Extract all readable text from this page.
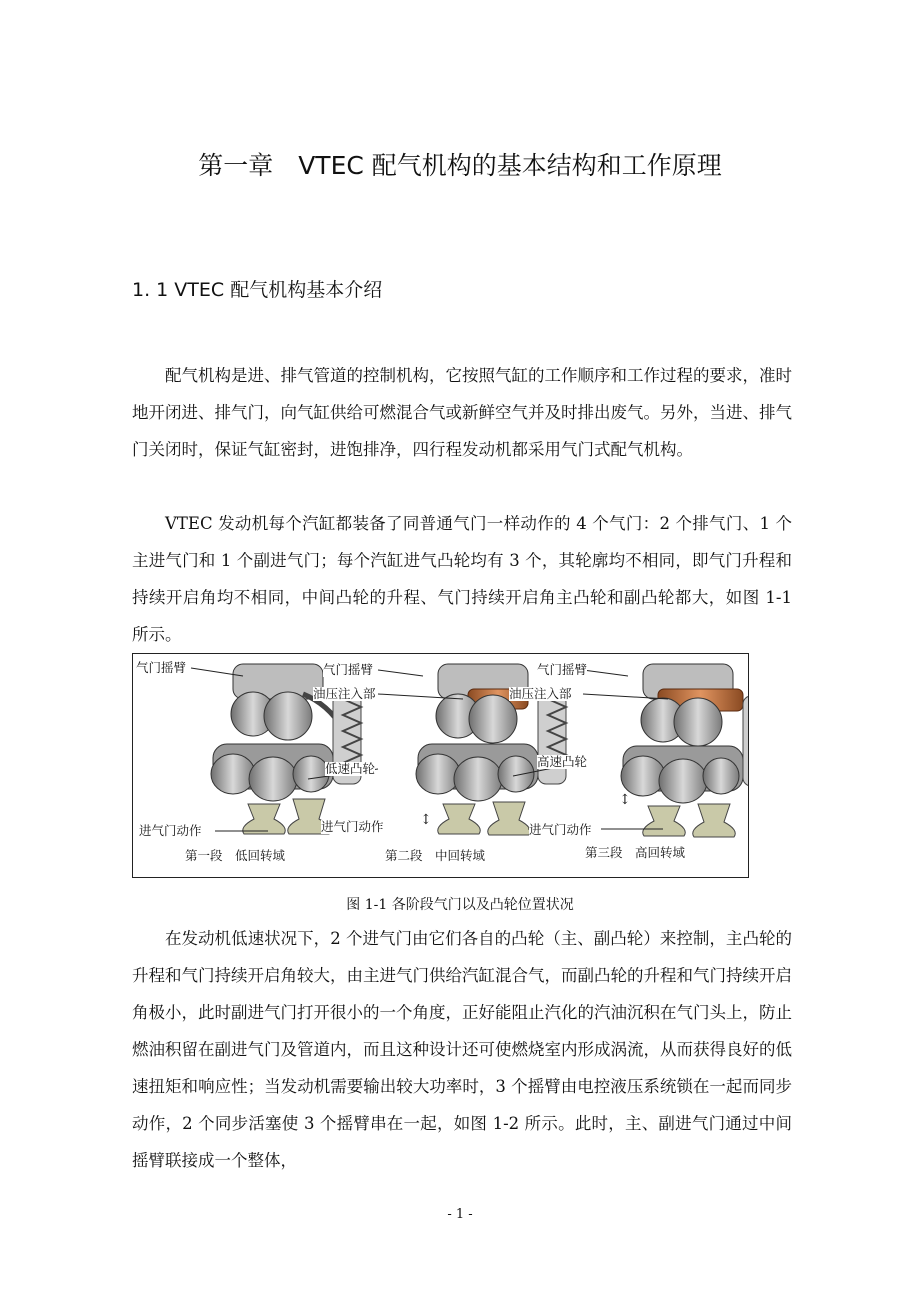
第一章　VTEC 配气机构的基本结构和工作原理
1. 1 VTEC 配气机构基本介绍

配气机构是进、排气管道的控制机构，它按照气缸的工作顺序和工作过程的要求，准时地开闭进、排气门，向气缸供给可燃混合气或新鲜空气并及时排出废气。另外，当进、排气门关闭时，保证气缸密封，进饱排净，四行程发动机都采用气门式配气机构。

VTEC 发动机每个汽缸都装备了同普通气门一样动作的 4 个气门：2 个排气门、1 个主进气门和 1 个副进气门；每个汽缸进气凸轮均有 3 个，其轮廓均不相同，即气门升程和持续开启角均不相同，中间凸轮的升程、气门持续开启角主凸轮和副凸轮都大，如图 1-1 所示。

↕
↕
气门摇臂	气门摇臂
油压注入部
低速凸轮
进气门动作	进气门动作
第一段　低回转域	第二段　中回转域
气门摇臂
油压注入部
高速凸轮
进气门动作
第三段　高回转域
图 1-1 各阶段气门以及凸轮位置状况

在发动机低速状况下，2 个进气门由它们各自的凸轮（主、副凸轮）来控制，主凸轮的升程和气门持续开启角较大，由主进气门供给汽缸混合气，而副凸轮的升程和气门持续开启角极小，此时副进气门打开很小的一个角度，正好能阻止汽化的汽油沉积在气门头上，防止燃油积留在副进气门及管道内，而且这种设计还可使燃烧室内形成涡流，从而获得良好的低速扭矩和响应性；当发动机需要输出较大功率时，3 个摇臂由电控液压系统锁在一起而同步动作，2 个同步活塞使 3 个摇臂串在一起，如图 1-2 所示。此时，主、副进气门通过中间摇臂联接成一个整体，

- 1 -
